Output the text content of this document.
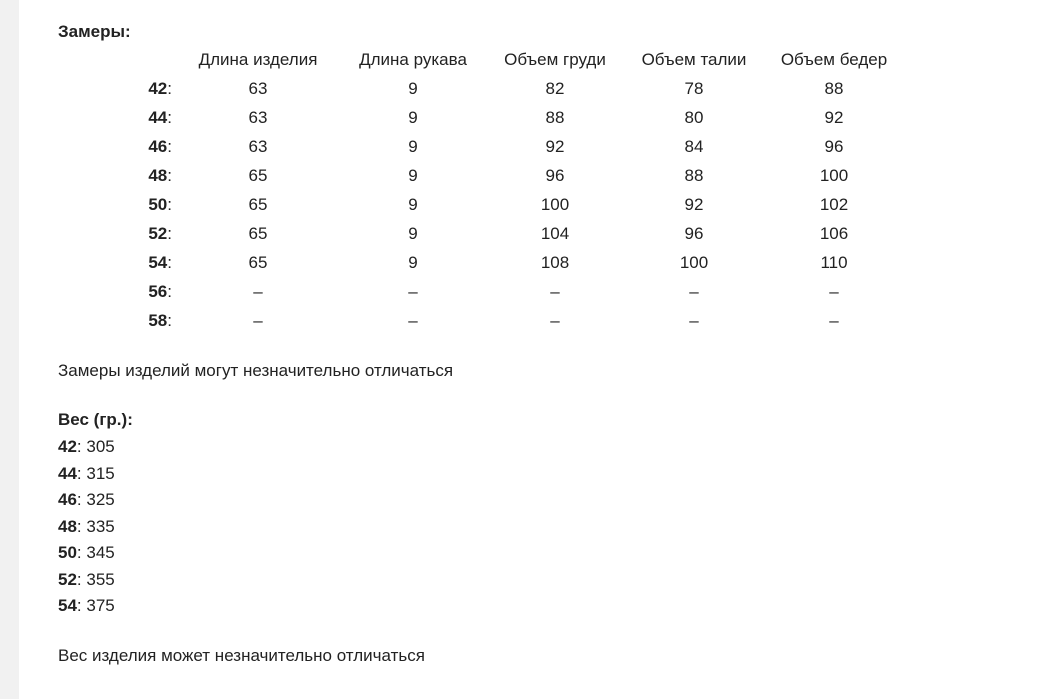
Замеры:

	Длина изделия	Длина рукава	Объем груди	Объем талии	Объем бедер
42:	63	9	82	78	88
44:	63	9	88	80	92
46:	63	9	92	84	96
48:	65	9	96	88	100
50:	65	9	100	92	102
52:	65	9	104	96	106
54:	65	9	108	100	110
56:	–	–	–	–	–
58:	–	–	–	–	–

Замеры изделий могут незначительно отличаться

Вес (гр.):

42: 305
44: 315
46: 325
48: 335
50: 345
52: 355
54: 375

Вес изделия может незначительно отличаться
